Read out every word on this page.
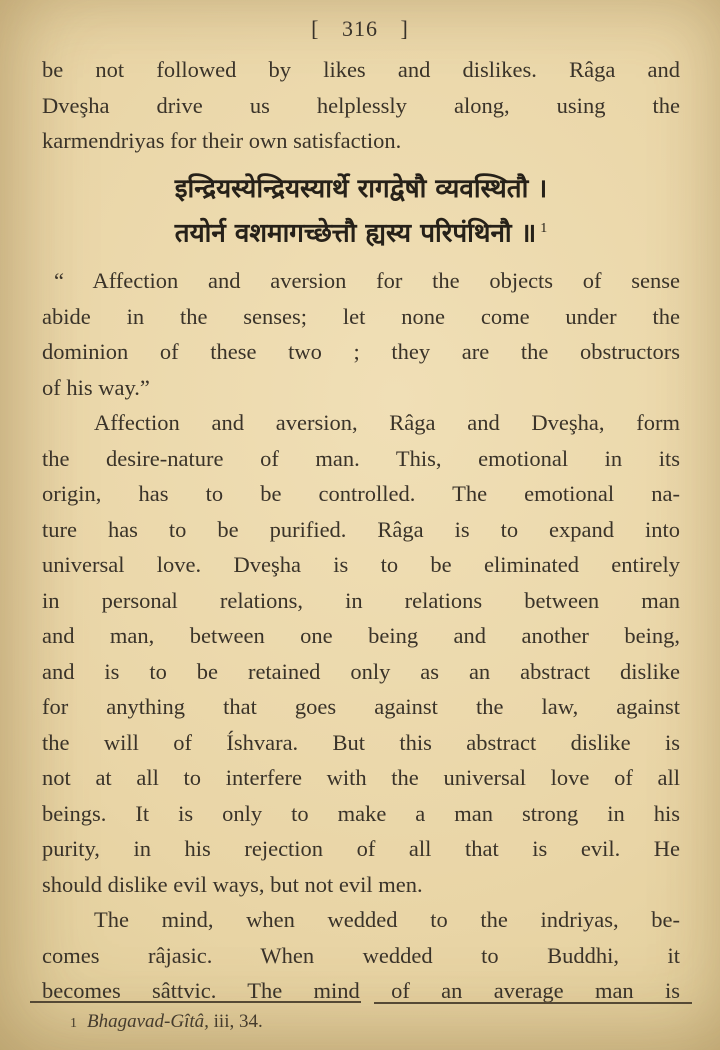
[ 316 ]
be not followed by likes and dislikes. Râga and
Dveşha drive us helplessly along, using the
karmendriyas for their own satisfaction.
इन्द्रियस्येन्द्रियस्यार्थे रागद्वेषौ व्यवस्थितौ ।
तयोर्न वशमागच्छेत्तौ ह्यस्य परिपंथिनौ ॥ $^1$
“ Affection and aversion for the objects of sense
abide in the senses; let none come under the
dominion of these two ; they are the obstructors
of his way.”
Affection and aversion, Râga and Dveşha, form
the desire-nature of man. This, emotional in its
origin, has to be controlled. The emotional na-
ture has to be purified. Râga is to expand into
universal love. Dveşha is to be eliminated entirely
in personal relations, in relations between man
and man, between one being and another being,
and is to be retained only as an abstract dislike
for anything that goes against the law, against
the will of Íshvara. But this abstract dislike is
not at all to interfere with the universal love of all
beings. It is only to make a man strong in his
purity, in his rejection of all that is evil. He
should dislike evil ways, but not evil men.
The mind, when wedded to the indriyas, be-
comes râjasic. When wedded to Buddhi, it
becomes sâttvic. The mind of an average man is
1 Bhagavad-Gîtâ, iii, 34.
